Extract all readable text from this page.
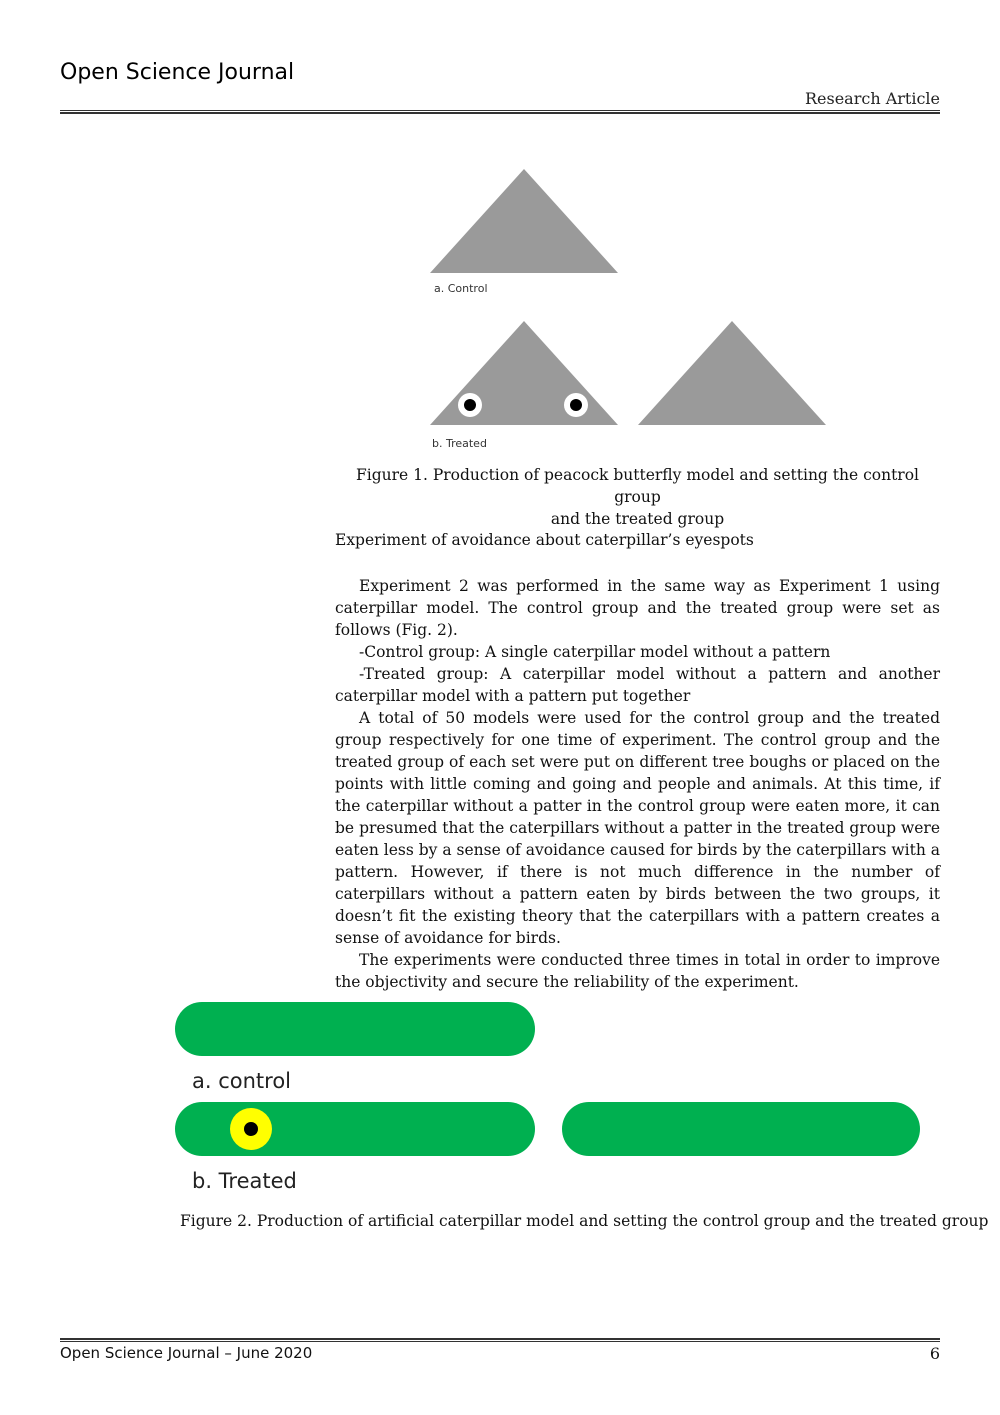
Open Science Journal
Research Article
a. Control
b. Treated
Figure 1. Production of peacock butterfly model and setting the control group
and the treated group
Experiment of avoidance about caterpillar’s eyespots

Experiment 2 was performed in the same way as Experiment 1 using caterpillar model. The control group and the treated group were set as follows (Fig. 2).

-Control group: A single caterpillar model without a pattern

-Treated group: A caterpillar model without a pattern and another caterpillar model with a pattern put together

A total of 50 models were used for the control group and the treated group respectively for one time of experiment. The control group and the treated group of each set were put on different tree boughs or placed on the points with little coming and going and people and animals. At this time, if the caterpillar without a patter in the control group were eaten more, it can be presumed that the caterpillars without a patter in the treated group were eaten less by a sense of avoidance caused for birds by the caterpillars with a pattern. However, if there is not much difference in the number of caterpillars without a pattern eaten by birds between the two groups, it doesn’t fit the existing theory that the caterpillars with a pattern creates a sense of avoidance for birds.

The experiments were conducted three times in total in order to improve the objectivity and secure the reliability of the experiment.

a. control
b. Treated
Figure 2. Production of artificial caterpillar model and setting the control group and the treated group
Open Science Journal – June 2020	6
